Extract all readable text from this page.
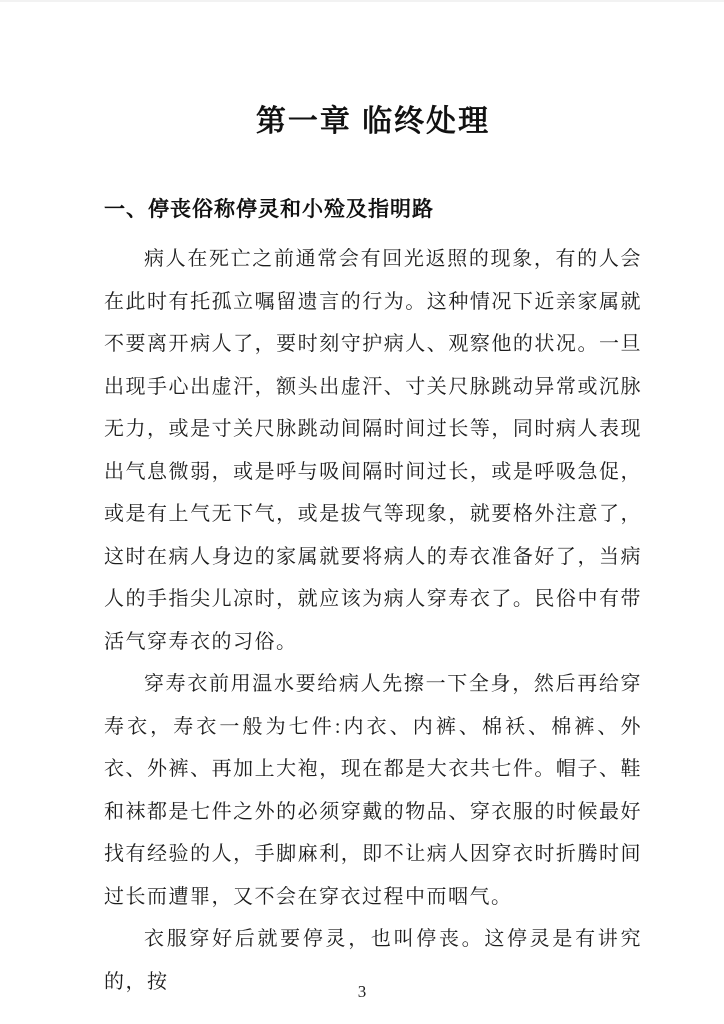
第一章 临终处理
一、停丧俗称停灵和小殓及指明路

病人在死亡之前通常会有回光返照的现象，有的人会在此时有托孤立嘱留遗言的行为。这种情况下近亲家属就不要离开病人了，要时刻守护病人、观察他的状况。一旦出现手心出虚汗，额头出虚汗、寸关尺脉跳动异常或沉脉无力，或是寸关尺脉跳动间隔时间过长等，同时病人表现出气息微弱，或是呼与吸间隔时间过长，或是呼吸急促，或是有上气无下气，或是拔气等现象，就要格外注意了，这时在病人身边的家属就要将病人的寿衣准备好了，当病人的手指尖儿凉时，就应该为病人穿寿衣了。民俗中有带活气穿寿衣的习俗。

穿寿衣前用温水要给病人先擦一下全身，然后再给穿寿衣，寿衣一般为七件:内衣、内裤、棉袄、棉裤、外衣、外裤、再加上大袍，现在都是大衣共七件。帽子、鞋和袜都是七件之外的必须穿戴的物品、穿衣服的时候最好找有经验的人，手脚麻利，即不让病人因穿衣时折腾时间过长而遭罪，又不会在穿衣过程中而咽气。

衣服穿好后就要停灵，也叫停丧。这停灵是有讲究的，按	3
